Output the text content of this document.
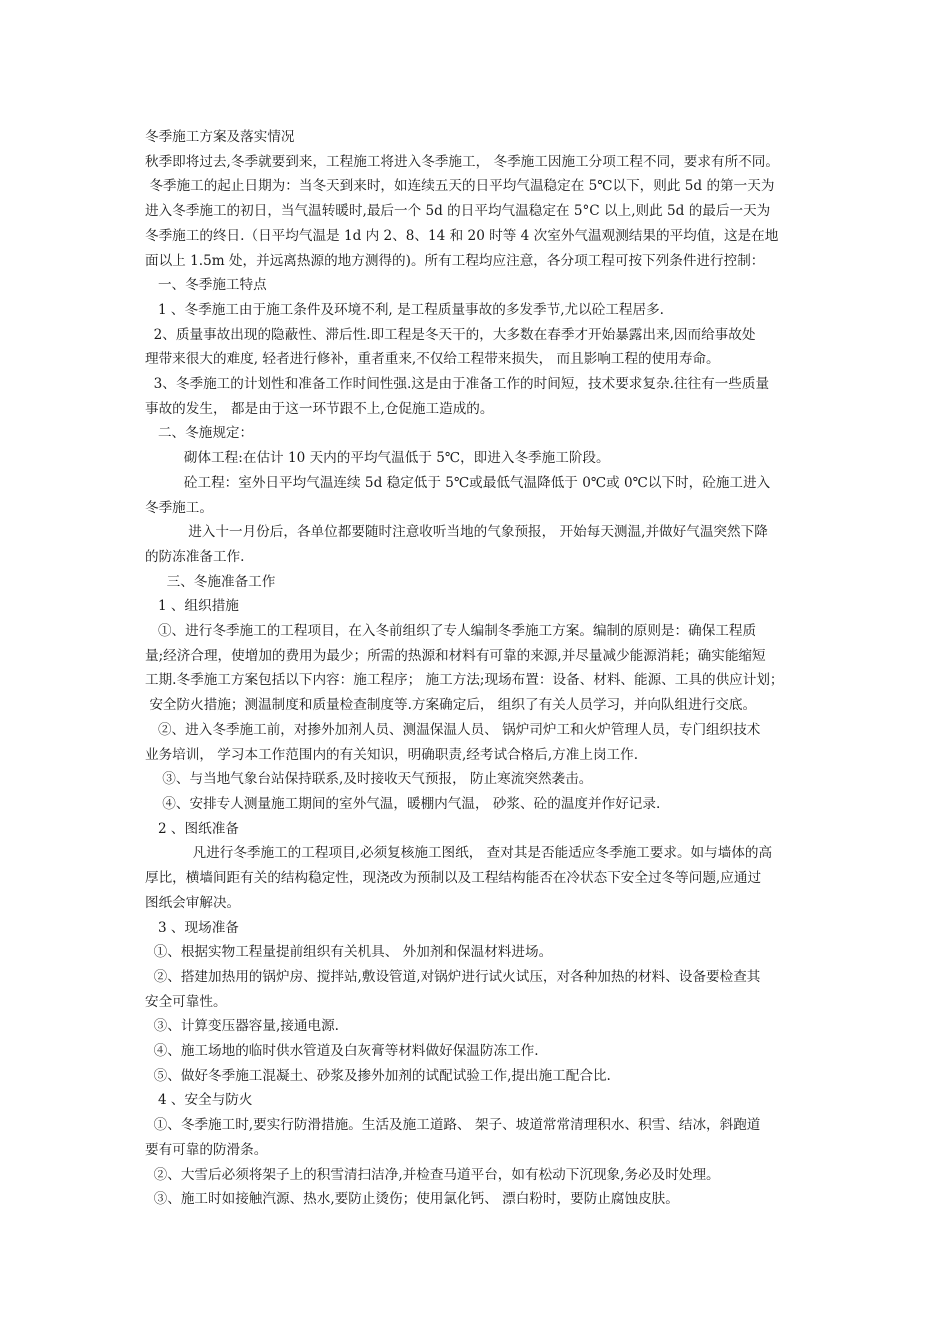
冬季施工方案及落实情况
秋季即将过去,冬季就要到来，工程施工将进入冬季施工， 冬季施工因施工分项工程不同，要求有所不同。
冬季施工的起止日期为：当冬天到来时，如连续五天的日平均气温稳定在 5℃以下，则此 5d 的第一天为
进入冬季施工的初日，当气温转暖时,最后一个 5d 的日平均气温稳定在 5°C 以上,则此 5d 的最后一天为
冬季施工的终日.（日平均气温是 1d 内 2、8、14 和 20 时等 4 次室外气温观测结果的平均值，这是在地
面以上 1.5m 处，并远离热源的地方测得的)。所有工程均应注意，各分项工程可按下列条件进行控制：
一、冬季施工特点
1 、冬季施工由于施工条件及环境不利, 是工程质量事故的多发季节,尤以砼工程居多.
2、质量事故出现的隐蔽性、滞后性.即工程是冬天干的，大多数在春季才开始暴露出来,因而给事故处
理带来很大的难度, 轻者进行修补，重者重来,不仅给工程带来损失， 而且影响工程的使用寿命。
3、冬季施工的计划性和准备工作时间性强.这是由于准备工作的时间短，技术要求复杂.往往有一些质量
事故的发生， 都是由于这一环节跟不上,仓促施工造成的。
二、冬施规定：
砌体工程:在估计 10 天内的平均气温低于 5℃，即进入冬季施工阶段。
砼工程：室外日平均气温连续 5d 稳定低于 5℃或最低气温降低于 0℃或 0℃以下时，砼施工进入
冬季施工。
进入十一月份后，各单位都要随时注意收听当地的气象预报， 开始每天测温,并做好气温突然下降
的防冻准备工作.
三、冬施准备工作
1 、组织措施
①、进行冬季施工的工程项目，在入冬前组织了专人编制冬季施工方案。编制的原则是：确保工程质
量;经济合理，使增加的费用为最少；所需的热源和材料有可靠的来源,并尽量减少能源消耗；确实能缩短
工期.冬季施工方案包括以下内容：施工程序； 施工方法;现场布置：设备、材料、能源、工具的供应计划；
安全防火措施；测温制度和质量检查制度等.方案确定后， 组织了有关人员学习，并向队组进行交底。
②、进入冬季施工前，对掺外加剂人员、测温保温人员、 锅炉司炉工和火炉管理人员，专门组织技术
业务培训， 学习本工作范围内的有关知识，明确职责,经考试合格后,方准上岗工作.
③、与当地气象台站保持联系,及时接收天气预报， 防止寒流突然袭击。
④、安排专人测量施工期间的室外气温，暖棚内气温， 砂浆、砼的温度并作好记录.
2 、图纸准备
凡进行冬季施工的工程项目,必须复核施工图纸， 查对其是否能适应冬季施工要求。如与墙体的高
厚比，横墙间距有关的结构稳定性，现浇改为预制以及工程结构能否在冷状态下安全过冬等问题,应通过
图纸会审解决。
3 、现场准备
①、根据实物工程量提前组织有关机具、 外加剂和保温材料进场。
②、搭建加热用的锅炉房、搅拌站,敷设管道,对锅炉进行试火试压，对各种加热的材料、设备要检查其
安全可靠性。
③、计算变压器容量,接通电源.
④、施工场地的临时供水管道及白灰膏等材料做好保温防冻工作.
⑤、做好冬季施工混凝土、砂浆及掺外加剂的试配试验工作,提出施工配合比.
4 、安全与防火
①、冬季施工时,要实行防滑措施。生活及施工道路、 架子、坡道常常清理积水、积雪、结冰，斜跑道
要有可靠的防滑条。
②、大雪后必须将架子上的积雪清扫洁净,并检查马道平台，如有松动下沉现象,务必及时处理。
③、施工时如接触汽源、热水,要防止烫伤；使用氯化钙、 漂白粉时，要防止腐蚀皮肤。
